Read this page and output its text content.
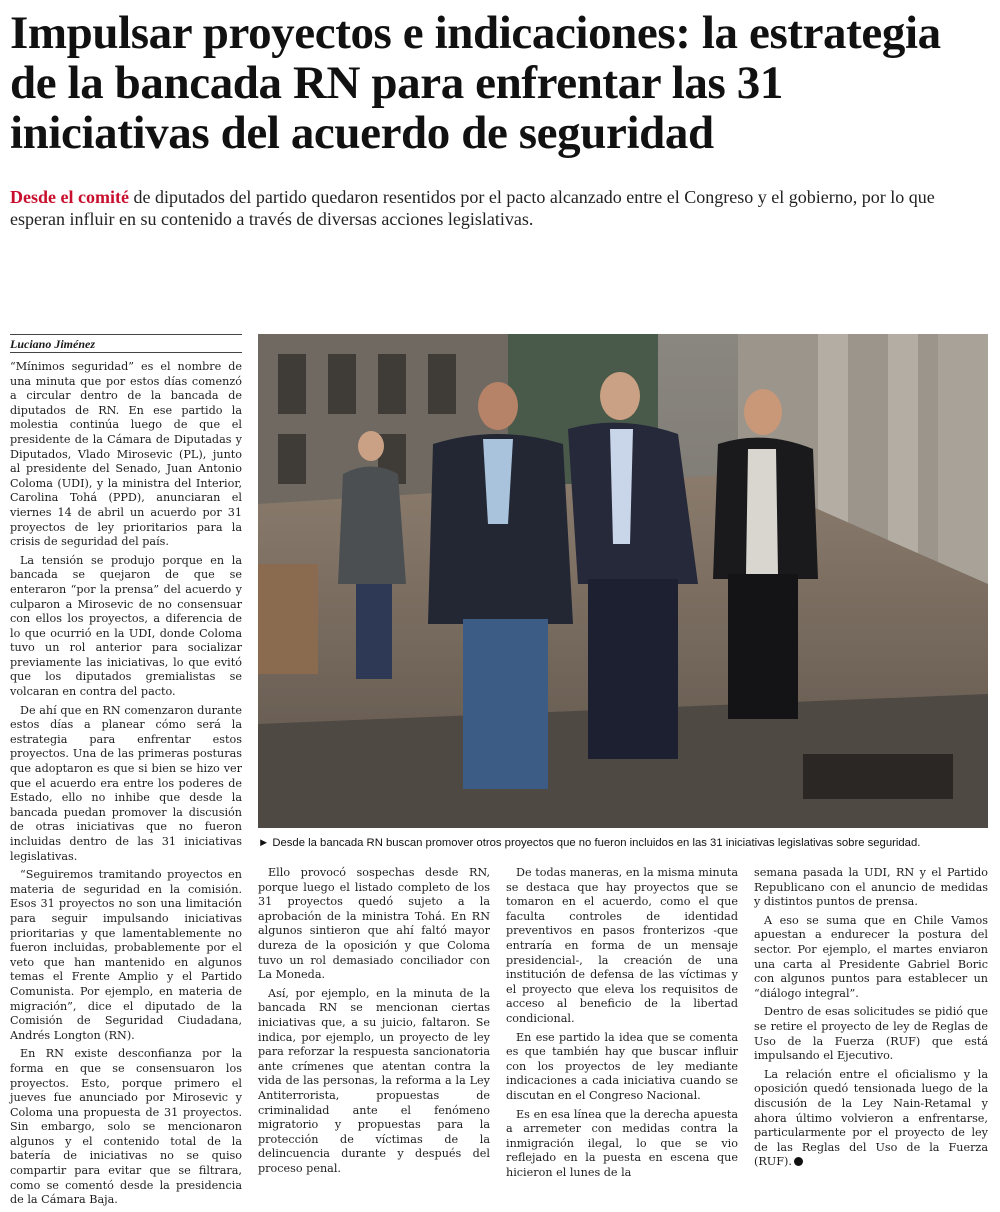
Impulsar proyectos e indicaciones: la estrategia de la bancada RN para enfrentar las 31 iniciativas del acuerdo de seguridad

Desde el comité de diputados del partido quedaron resentidos por el pacto alcanzado entre el Congreso y el gobierno, por lo que esperan influir en su contenido a través de diversas acciones legislativas.

Luciano Jiménez

“Mínimos seguridad” es el nombre de una minuta que por estos días comenzó a circular dentro de la bancada de diputados de RN. En ese partido la molestia continúa luego de que el presidente de la Cámara de Diputadas y Diputados, Vlado Mirosevic (PL), junto al presidente del Senado, Juan Antonio Coloma (UDI), y la ministra del Interior, Carolina Tohá (PPD), anunciaran el viernes 14 de abril un acuerdo por 31 proyectos de ley prioritarios para la crisis de seguridad del país.

La tensión se produjo porque en la bancada se quejaron de que se enteraron “por la prensa” del acuerdo y culparon a Mirosevic de no consensuar con ellos los proyectos, a diferencia de lo que ocurrió en la UDI, donde Coloma tuvo un rol anterior para socializar previamente las iniciativas, lo que evitó que los diputados gremialistas se volcaran en contra del pacto.

De ahí que en RN comenzaron durante estos días a planear cómo será la estrategia para enfrentar estos proyectos. Una de las primeras posturas que adoptaron es que si bien se hizo ver que el acuerdo era entre los poderes de Estado, ello no inhibe que desde la bancada puedan promover la discusión de otras iniciativas que no fueron incluidas dentro de las 31 iniciativas legislativas.

“Seguiremos tramitando proyectos en materia de seguridad en la comisión. Esos 31 proyectos no son una limitación para seguir impulsando iniciativas prioritarias y que lamentablemente no fueron incluidas, probablemente por el veto que han mantenido en algunos temas el Frente Amplio y el Partido Comunista. Por ejemplo, en materia de migración”, dice el diputado de la Comisión de Seguridad Ciudadana, Andrés Longton (RN).

En RN existe desconfianza por la forma en que se consensuaron los proyectos. Esto, porque primero el jueves fue anunciado por Mirosevic y Coloma una propuesta de 31 proyectos. Sin embargo, solo se mencionaron algunos y el contenido total de la batería de iniciativas no se quiso compartir para evitar que se filtrara, como se comentó desde la presidencia de la Cámara Baja.

► Desde la bancada RN buscan promover otros proyectos que no fueron incluidos en las 31 iniciativas legislativas sobre seguridad.

Ello provocó sospechas desde RN, porque luego el listado completo de los 31 proyectos quedó sujeto a la aprobación de la ministra Tohá. En RN algunos sintieron que ahí faltó mayor dureza de la oposición y que Coloma tuvo un rol demasiado conciliador con La Moneda.

Así, por ejemplo, en la minuta de la bancada RN se mencionan ciertas iniciativas que, a su juicio, faltaron. Se indica, por ejemplo, un proyecto de ley para reforzar la respuesta sancionatoria ante crímenes que atentan contra la vida de las personas, la reforma a la Ley Antiterrorista, propuestas de criminalidad ante el fenómeno migratorio y propuestas para la protección de víctimas de la delincuencia durante y después del proceso penal.

De todas maneras, en la misma minuta se destaca que hay proyectos que se tomaron en el acuerdo, como el que faculta controles de identidad preventivos en pasos fronterizos -que entraría en forma de un mensaje presidencial-, la creación de una institución de defensa de las víctimas y el proyecto que eleva los requisitos de acceso al beneficio de la libertad condicional.

En ese partido la idea que se comenta es que también hay que buscar influir con los proyectos de ley mediante indicaciones a cada iniciativa cuando se discutan en el Congreso Nacional.

Es en esa línea que la derecha apuesta a arremeter con medidas contra la inmigración ilegal, lo que se vio reflejado en la puesta en escena que hicieron el lunes de la

semana pasada la UDI, RN y el Partido Republicano con el anuncio de medidas y distintos puntos de prensa.

A eso se suma que en Chile Vamos apuestan a endurecer la postura del sector. Por ejemplo, el martes enviaron una carta al Presidente Gabriel Boric con algunos puntos para establecer un “diálogo integral”.

Dentro de esas solicitudes se pidió que se retire el proyecto de ley de Reglas de Uso de la Fuerza (RUF) que está impulsando el Ejecutivo.

La relación entre el oficialismo y la oposición quedó tensionada luego de la discusión de la Ley Nain-Retamal y ahora último volvieron a enfrentarse, particularmente por el proyecto de ley de las Reglas del Uso de la Fuerza (RUF).
